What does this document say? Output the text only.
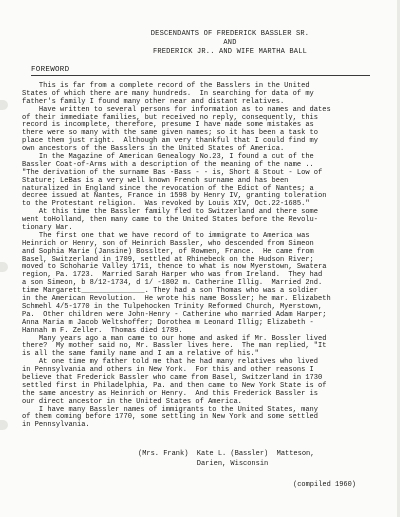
DESCENDANTS OF FREDERICK BASSLER SR.
AND
FREDERICK JR.. AND WIFE MARTHA BALL
FOREWORD
This is far from a complete record of the Basslers in the United
States of which there are many hundreds.  In searching for data of my
father's family I found many other near and distant relatives.
Have written to several persons for information as to names and dates
of their immediate families, but received no reply, consequently, this
record is incomplete, therefore, presume I have made some mistakes as
there were so many with the same given names; so it has been a task to
place them just right.  Although am very thankful that I could find my
own ancestors of the Basslers in the United States of America.
In the Magazine of American Genealogy No.23, I found a cut of the
Bassler Coat-of-Arms with a description of the meaning of the name ..
"The derivation of the surname Bas -Bass - - is, Short & Stout - Low of
Stature; LeBas is a very well known French surname and has been
naturalized in England since the revocation of the Edict of Nantes; a
decree issued at Nantes, France in 1598 by Henry IV, granting toleration
to the Protestant religion.  Was revoked by Louis XIV, Oct.22-1685."
At this time the Bassler family fled to Switzerland and there some
went toHolland, then many came to the United States before the Revolu-
tionary War.
The first one that we have record of to immigrate to America was
Heinrich or Henry, son of Heinrich Bassler, who descended from Simeon
and Sophia Marie (Jansine) Bosslter, of Rowmen, France.  He came from
Basel, Switzerland in 1709, settled at Rhinebeck on the Hudson River;
moved to Schoharie Valley 1711, thence to what is now Myerstown, Swatera
region, Pa. 1723.  Married Sarah Harper who was from Ireland.  They had
a son Simeon, b 8/12-1734, d 1/ -1802 m. Catherine Illig.  Married 2nd.
time Margarett_______________. They had a son Thomas who was a soldier
in the American Revolution.  He wrote his name Bossler; he mar. Elizabeth
Schmehl 4/5-1770 in the Tulpehocken Trinity Reformed Church, Myerstown,
Pa.  Other children were John-Henry - Catherine who married Adam Harper;
Anna Maria m Jacob Weltshoffer; Dorothea m Leonard Illig; Elizabeth -
Hannah m F. Zeller.  Thomas died 1789.
Many years ago a man came to our home and asked if Mr. Bossler lived
there?  My mother said no, Mr. Bassler lives here.  The man replied, "It
is all the same family name and I am a relative of his."
At one time my father told me that he had many relatives who lived
in Pennsylvania and others in New York.  For this and other reasons I
believe that Frederick Bassler who came from Basel, Switzerland in 1730
settled first in Philadelphia, Pa. and then came to New York State is of
the same ancestry as Heinrich or Henry.  And this Frederick Bassler is
our direct ancestor in the United States of America.
I have many Bassler names of immigrants to the United States, many
of them coming before 1770, some settling in New York and some settled
in Pennsylvania.
(Mrs. Frank)  Kate L. (Bassler)  Matteson,
Darien, Wisconsin
(compiled 1960)
